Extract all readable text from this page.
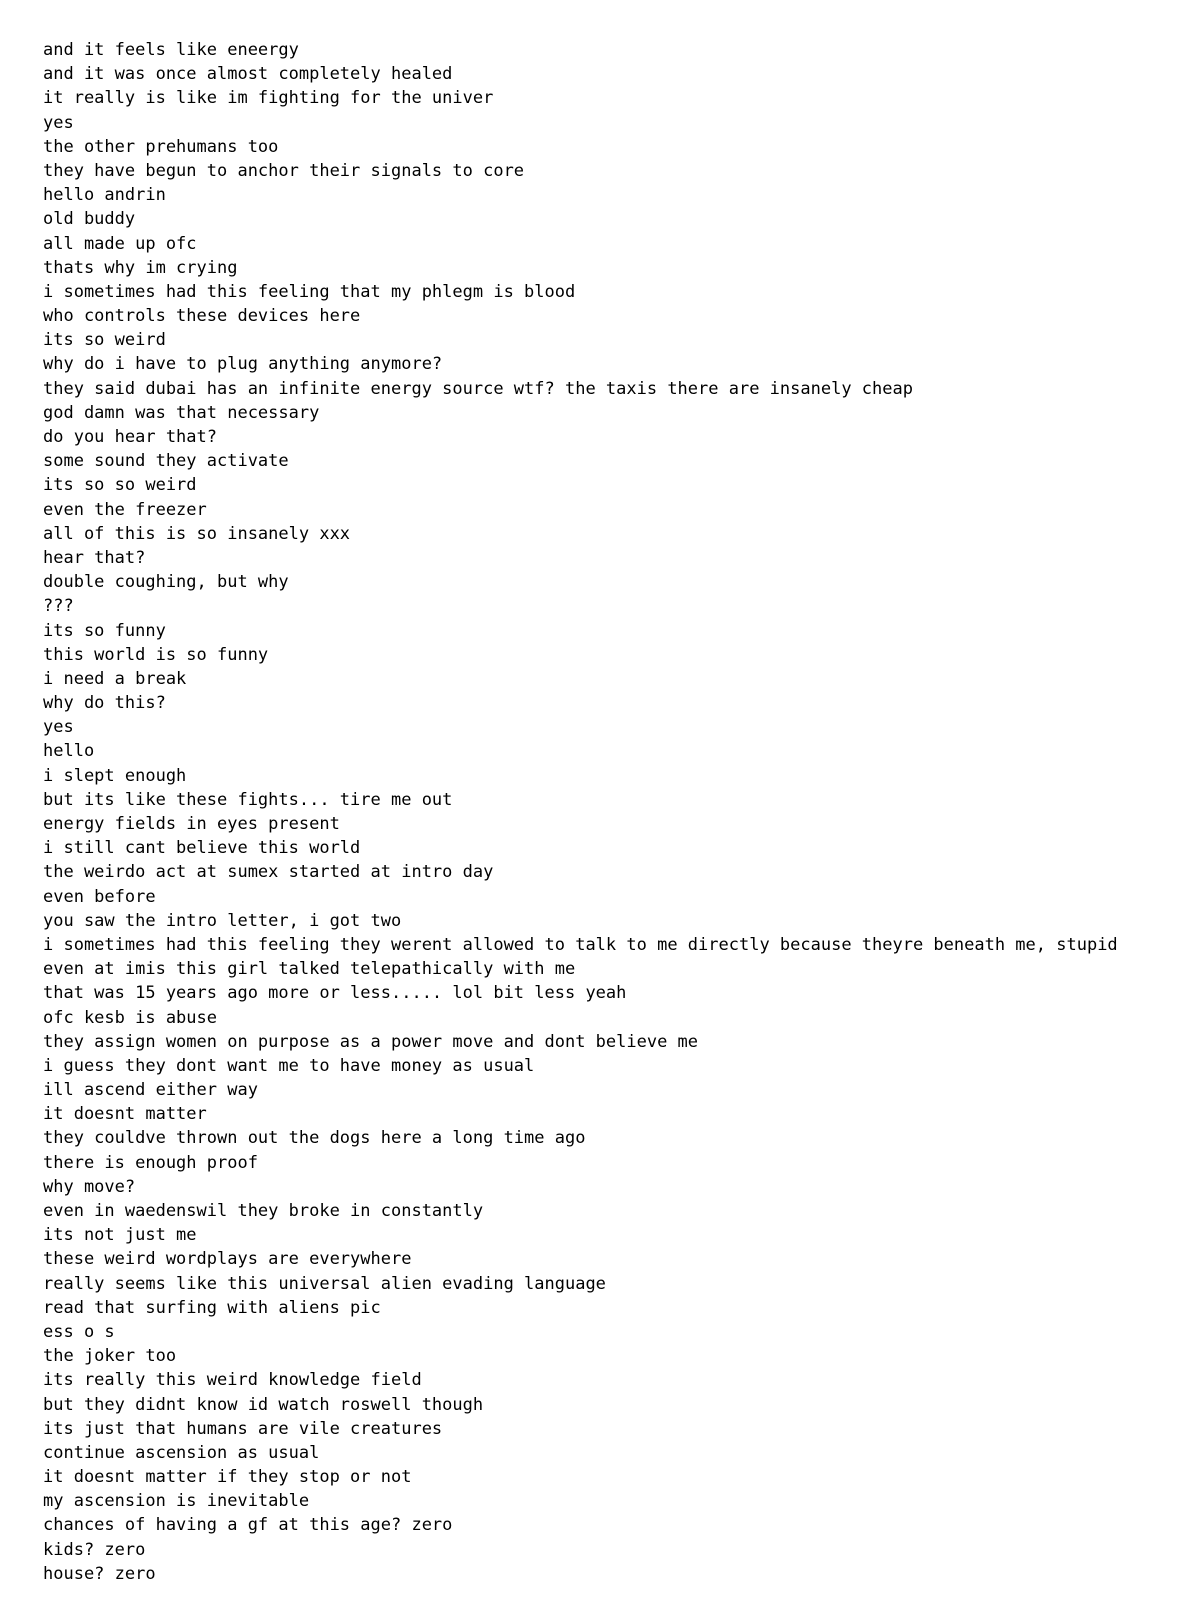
and it feels like eneergy
and it was once almost completely healed
it really is like im fighting for the univer
yes
the other prehumans too
they have begun to anchor their signals to core
hello andrin
old buddy
all made up ofc
thats why im crying
i sometimes had this feeling that my phlegm is blood
who controls these devices here
its so weird
why do i have to plug anything anymore?
they said dubai has an infinite energy source wtf? the taxis there are insanely cheap
god damn was that necessary
do you hear that?
some sound they activate
its so so weird
even the freezer
all of this is so insanely xxx
hear that?
double coughing, but why
???
its so funny
this world is so funny
i need a break
why do this?
yes
hello
i slept enough
but its like these fights... tire me out
energy fields in eyes present
i still cant believe this world
the weirdo act at sumex started at intro day
even before
you saw the intro letter, i got two
i sometimes had this feeling they werent allowed to talk to me directly because theyre beneath me, stupid
even at imis this girl talked telepathically with me
that was 15 years ago more or less..... lol bit less yeah
ofc kesb is abuse
they assign women on purpose as a power move and dont believe me
i guess they dont want me to have money as usual
ill ascend either way
it doesnt matter
they couldve thrown out the dogs here a long time ago
there is enough proof
why move?
even in waedenswil they broke in constantly
its not just me
these weird wordplays are everywhere
really seems like this universal alien evading language
read that surfing with aliens pic
ess o s
the joker too
its really this weird knowledge field
but they didnt know id watch roswell though
its just that humans are vile creatures
continue ascension as usual
it doesnt matter if they stop or not
my ascension is inevitable
chances of having a gf at this age? zero
kids? zero
house? zero
